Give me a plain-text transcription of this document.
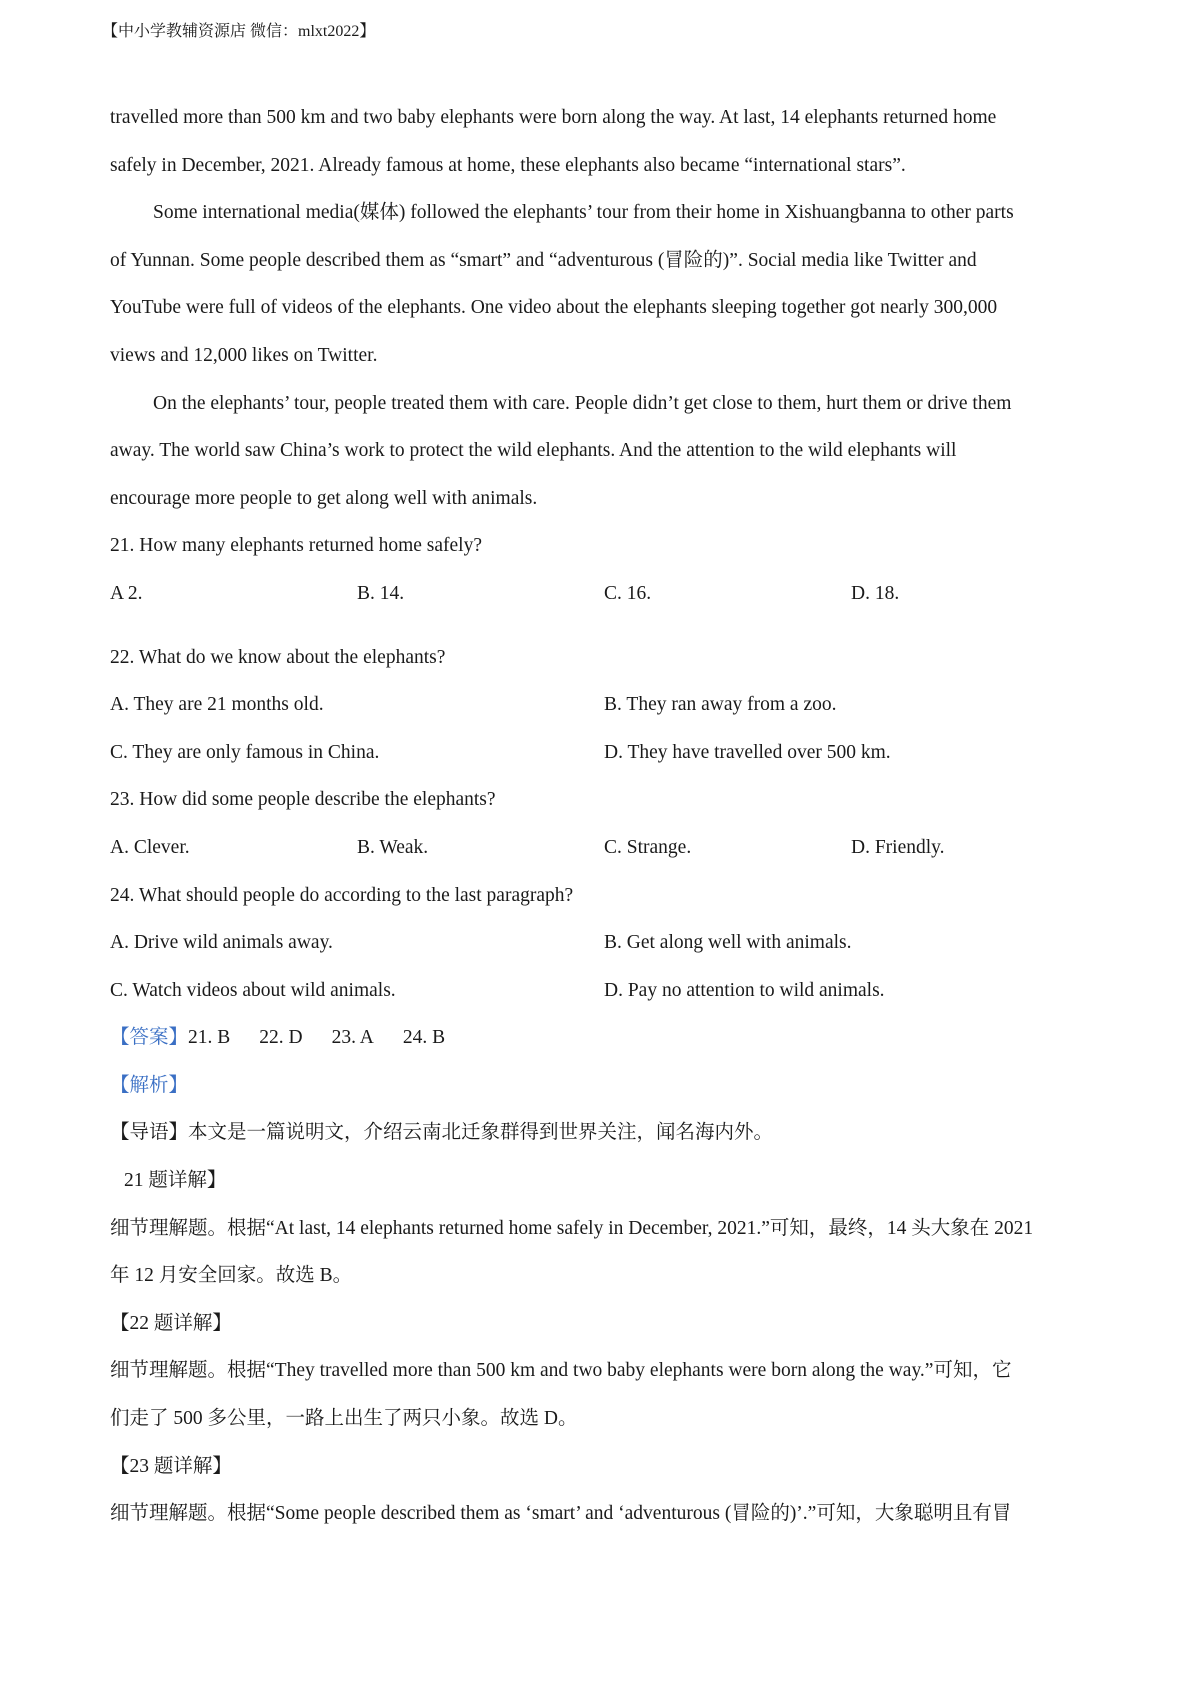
【中小学教辅资源店 微信：mlxt2022】
travelled more than 500 km and two baby elephants were born along the way. At last, 14 elephants returned home
safely in December, 2021. Already famous at home, these elephants also became “international stars”.
Some international media(媒体) followed the elephants’ tour from their home in Xishuangbanna to other parts
of Yunnan. Some people described them as “smart” and “adventurous (冒险的)”. Social media like Twitter and
YouTube were full of videos of the elephants. One video about the elephants sleeping together got nearly 300,000
views and 12,000 likes on Twitter.
On the elephants’ tour, people treated them with care. People didn’t get close to them, hurt them or drive them
away. The world saw China’s work to protect the wild elephants. And the attention to the wild elephants will
encourage more people to get along well with animals.
21. How many elephants returned home safely?
A 2.	B. 14.	C. 16.	D. 18.
22. What do we know about the elephants?
A. They are 21 months old.	B. They ran away from a zoo.
C. They are only famous in China.	D. They have travelled over 500 km.
23. How did some people describe the elephants?
A. Clever.	B. Weak.	C. Strange.	D. Friendly.
24. What should people do according to the last paragraph?
A. Drive wild animals away.	B. Get along well with animals.
C. Watch videos about wild animals.	D. Pay no attention to wild animals.
【答案】21. B 22. D 23. A 24. B
【解析】
【导语】本文是一篇说明文，介绍云南北迁象群得到世界关注，闻名海内外。
21 题详解】
细节理解题。根据“At last, 14 elephants returned home safely in December, 2021.”可知，最终，14 头大象在 2021
年 12 月安全回家。故选 B。
【22 题详解】
细节理解题。根据“They travelled more than 500 km and two baby elephants were born along the way.”可知，它
们走了 500 多公里，一路上出生了两只小象。故选 D。
【23 题详解】
细节理解题。根据“Some people described them as ‘smart’ and ‘adventurous (冒险的)’.”可知，大象聪明且有冒
